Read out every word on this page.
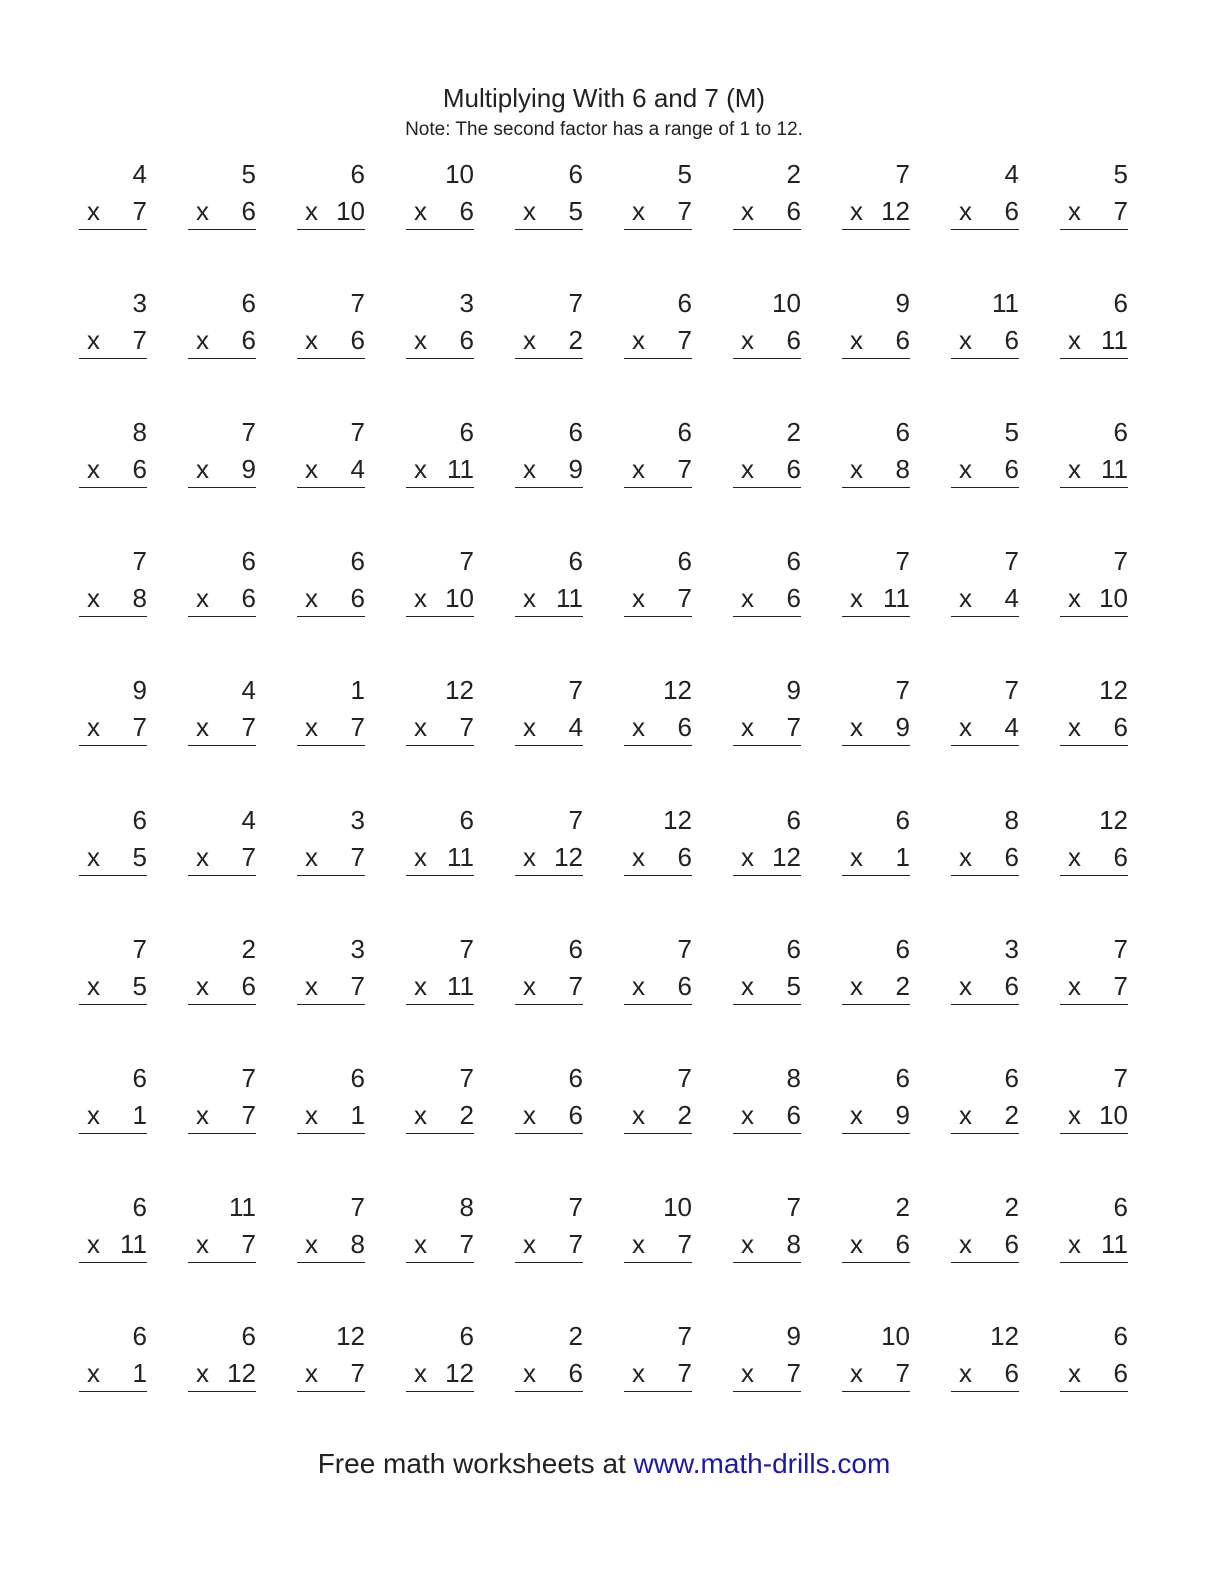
Multiplying With 6 and 7 (M)
Note: The second factor has a range of 1 to 12.
4
x 7
5
x 6
6
x 10
10
x 6
6
x 5
5
x 7
2
x 6
7
x 12
4
x 6
5
x 7
3
x 7
6
x 6
7
x 6
3
x 6
7
x 2
6
x 7
10
x 6
9
x 6
11
x 6
6
x 11
8
x 6
7
x 9
7
x 4
6
x 11
6
x 9
6
x 7
2
x 6
6
x 8
5
x 6
6
x 11
7
x 8
6
x 6
6
x 6
7
x 10
6
x 11
6
x 7
6
x 6
7
x 11
7
x 4
7
x 10
9
x 7
4
x 7
1
x 7
12
x 7
7
x 4
12
x 6
9
x 7
7
x 9
7
x 4
12
x 6
6
x 5
4
x 7
3
x 7
6
x 11
7
x 12
12
x 6
6
x 12
6
x 1
8
x 6
12
x 6
7
x 5
2
x 6
3
x 7
7
x 11
6
x 7
7
x 6
6
x 5
6
x 2
3
x 6
7
x 7
6
x 1
7
x 7
6
x 1
7
x 2
6
x 6
7
x 2
8
x 6
6
x 9
6
x 2
7
x 10
6
x 11
11
x 7
7
x 8
8
x 7
7
x 7
10
x 7
7
x 8
2
x 6
2
x 6
6
x 11
6
x 1
6
x 12
12
x 7
6
x 12
2
x 6
7
x 7
9
x 7
10
x 7
12
x 6
6
x 6
Free math worksheets at www.math-drills.com
